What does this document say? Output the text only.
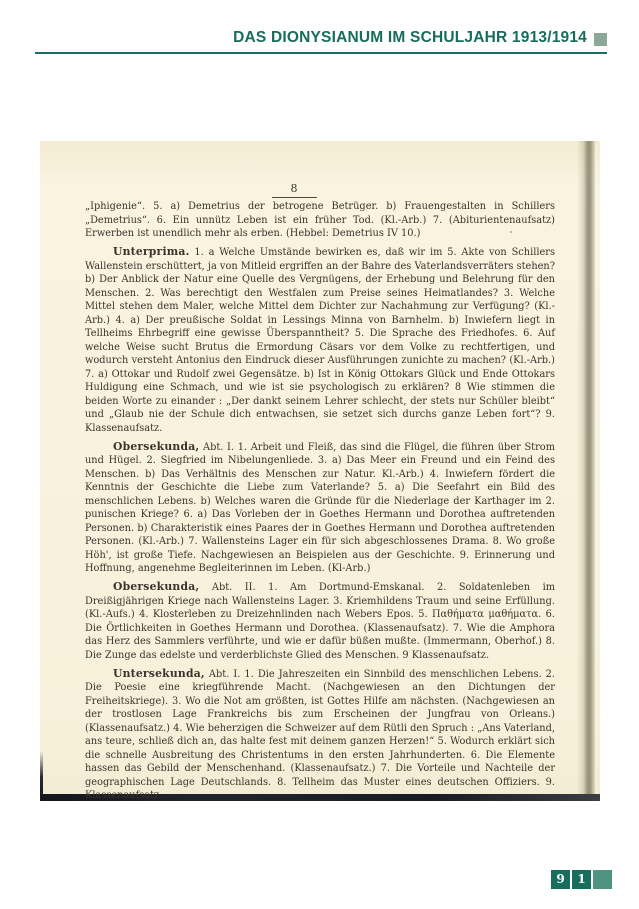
DAS DIONYSIANUM IM SCHULJAHR 1913/1914
8

„Iphigenie“. 5. a) Demetrius der betrogene Betrüger. b) Frauengestalten in Schillers „Demetrius“. 6. Ein unnütz Leben ist ein früher Tod. (Kl.-Arb.) 7. (Abiturientenaufsatz) Erwerben ist unendlich mehr als erben. (Hebbel: Demetrius IV 10.)

Unterprima. 1. a Welche Umstände bewirken es, daß wir im 5. Akte von Schillers Wallenstein erschüttert, ja von Mitleid ergriffen an der Bahre des Vaterlandsverräters stehen? b) Der Anblick der Natur eine Quelle des Vergnügens, der Erhebung und Belehrung für den Menschen. 2. Was berechtigt den Westfalen zum Preise seines Heimatlandes? 3. Welche Mittel stehen dem Maler, welche Mittel dem Dichter zur Nachahmung zur Verfügung? (Kl.-Arb.) 4. a) Der preußische Soldat in Lessings Minna von Barnhelm. b) Inwiefern liegt in Tellheims Ehrbegriff eine gewisse Überspanntheit? 5. Die Sprache des Friedhofes. 6. Auf welche Weise sucht Brutus die Ermordung Cäsars vor dem Volke zu rechtfertigen, und wodurch versteht Antonius den Eindruck dieser Ausführungen zunichte zu machen? (Kl.-Arb.) 7. a) Ottokar und Rudolf zwei Gegensätze. b) Ist in König Ottokars Glück und Ende Ottokars Huldigung eine Schmach, und wie ist sie psychologisch zu erklären? 8 Wie stimmen die beiden Worte zu einander : „Der dankt seinem Lehrer schlecht, der stets nur Schüler bleibt“ und „Glaub nie der Schule dich entwachsen, sie setzet sich durchs ganze Leben fort“? 9. Klassenaufsatz.

Obersekunda, Abt. I. 1. Arbeit und Fleiß, das sind die Flügel, die führen über Strom und Hügel. 2. Siegfried im Nibelungenliede. 3. a) Das Meer ein Freund und ein Feind des Menschen. b) Das Verhältnis des Menschen zur Natur. Kl.-Arb.) 4. Inwiefern fördert die Kenntnis der Geschichte die Liebe zum Vaterlande? 5. a) Die Seefahrt ein Bild des menschlichen Lebens. b) Welches waren die Gründe für die Niederlage der Karthager im 2. punischen Kriege? 6. a) Das Vorleben der in Goethes Hermann und Dorothea auftretenden Personen. b) Charakteristik eines Paares der in Goethes Hermann und Dorothea auftretenden Personen. (Kl.-Arb.) 7. Wallensteins Lager ein für sich abgeschlossenes Drama. 8. Wo große Höh', ist große Tiefe. Nachgewiesen an Beispielen aus der Geschichte. 9. Erinnerung und Hoffnung, angenehme Begleiterinnen im Leben. (Kl-Arb.)

Obersekunda, Abt. II. 1. Am Dortmund-Emskanal. 2. Soldatenleben im Dreißigjährigen Kriege nach Wallensteins Lager. 3. Kriemhildens Traum und seine Erfüllung. (Kl.-Aufs.) 4. Klosterleben zu Dreizehnlinden nach Webers Epos. 5. Παθήματα μαθήματα. 6. Die Örtlichkeiten in Goethes Hermann und Dorothea. (Klassenaufsatz). 7. Wie die Amphora das Herz des Sammlers verführte, und wie er dafür büßen mußte. (Immermann, Oberhof.) 8. Die Zunge das edelste und verderblichste Glied des Menschen. 9 Klassenaufsatz.

Untersekunda, Abt. I. 1. Die Jahreszeiten ein Sinnbild des menschlichen Lebens. 2. Die Poesie eine kriegführende Macht. (Nachgewiesen an den Dichtungen der Freiheitskriege). 3. Wo die Not am größten, ist Gottes Hilfe am nächsten. (Nachgewiesen an der trostlosen Lage Frankreichs bis zum Erscheinen der Jungfrau von Orleans.) (Klassenaufsatz.) 4. Wie beherzigen die Schweizer auf dem Rütli den Spruch : „Ans Vaterland, ans teure, schließ dich an, das halte fest mit deinem ganzen Herzen!“ 5. Wodurch erklärt sich die schnelle Ausbreitung des Christentums in den ersten Jahrhunderten. 6. Die Elemente hassen das Gebild der Menschenhand. (Klassenaufsatz.) 7. Die Vorteile und Nachteile der geographischen Lage Deutschlands. 8. Tellheim das Muster eines deutschen Offiziers. 9. Klassenaufsatz.

9	1
